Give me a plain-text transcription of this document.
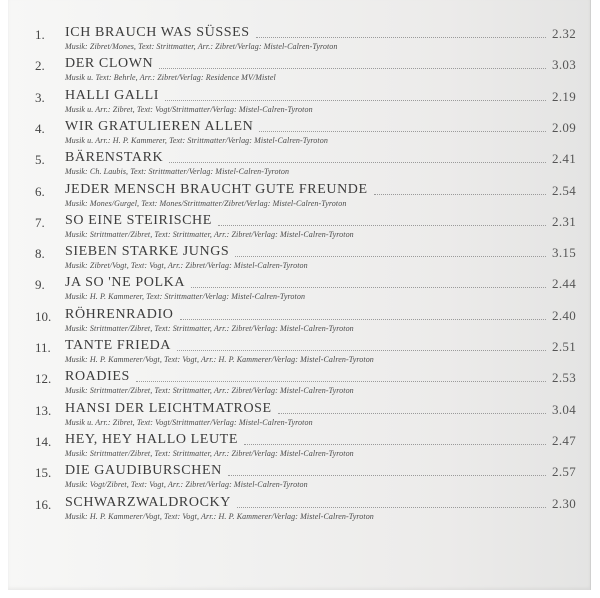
1. ICH BRAUCH WAS SÜSSES	2.32
Musik: Zibret/Mones, Text: Strittmatter, Arr.: Zibret/Verlag: Mistel-Calren-Tyroton
2. DER CLOWN	3.03
Musik u. Text: Behrle, Arr.: Zibret/Verlag: Residence MV/Mistel
3. HALLI GALLI	2.19
Musik u. Arr.: Zibret, Text: Vogt/Strittmatter/Verlag: Mistel-Calren-Tyroton
4. WIR GRATULIEREN ALLEN	2.09
Musik u. Arr.: H. P. Kammerer, Text: Strittmatter/Verlag: Mistel-Calren-Tyroton
5. BÄRENSTARK	2.41
Musik: Ch. Laubis, Text: Strittmatter/Verlag: Mistel-Calren-Tyroton
6. JEDER MENSCH BRAUCHT GUTE FREUNDE	2.54
Musik: Mones/Gurgel, Text: Mones/Strittmatter/Zibret/Verlag: Mistel-Calren-Tyroton
7. SO EINE STEIRISCHE	2.31
Musik: Strittmatter/Zibret, Text: Strittmatter, Arr.: Zibret/Verlag: Mistel-Calren-Tyroton
8. SIEBEN STARKE JUNGS	3.15
Musik: Zibret/Vogt, Text: Vogt, Arr.: Zibret/Verlag: Mistel-Calren-Tyroton
9. JA SO 'NE POLKA	2.44
Musik: H. P. Kammerer, Text: Strittmatter/Verlag: Mistel-Calren-Tyroton
10. RÖHRENRADIO	2.40
Musik: Strittmatter/Zibret, Text: Strittmatter, Arr.: Zibret/Verlag: Mistel-Calren-Tyroton
11. TANTE FRIEDA	2.51
Musik: H. P. Kammerer/Vogt, Text: Vogt, Arr.: H. P. Kammerer/Verlag: Mistel-Calren-Tyroton
12. ROADIES	2.53
Musik: Strittmatter/Zibret, Text: Strittmatter, Arr.: Zibret/Verlag: Mistel-Calren-Tyroton
13. HANSI DER LEICHTMATROSE	3.04
Musik u. Arr.: Zibret, Text: Vogt/Strittmatter/Verlag: Mistel-Calren-Tyroton
14. HEY, HEY HALLO LEUTE	2.47
Musik: Strittmatter/Zibret, Text: Strittmatter, Arr.: Zibret/Verlag: Mistel-Calren-Tyroton
15. DIE GAUDIBURSCHEN	2.57
Musik: Vogt/Zibret, Text: Vogt, Arr.: Zibret/Verlag: Mistel-Calren-Tyroton
16. SCHWARZWALDROCKY	2.30
Musik: H. P. Kammerer/Vogt, Text: Vogt, Arr.: H. P. Kammerer/Verlag: Mistel-Calren-Tyroton
